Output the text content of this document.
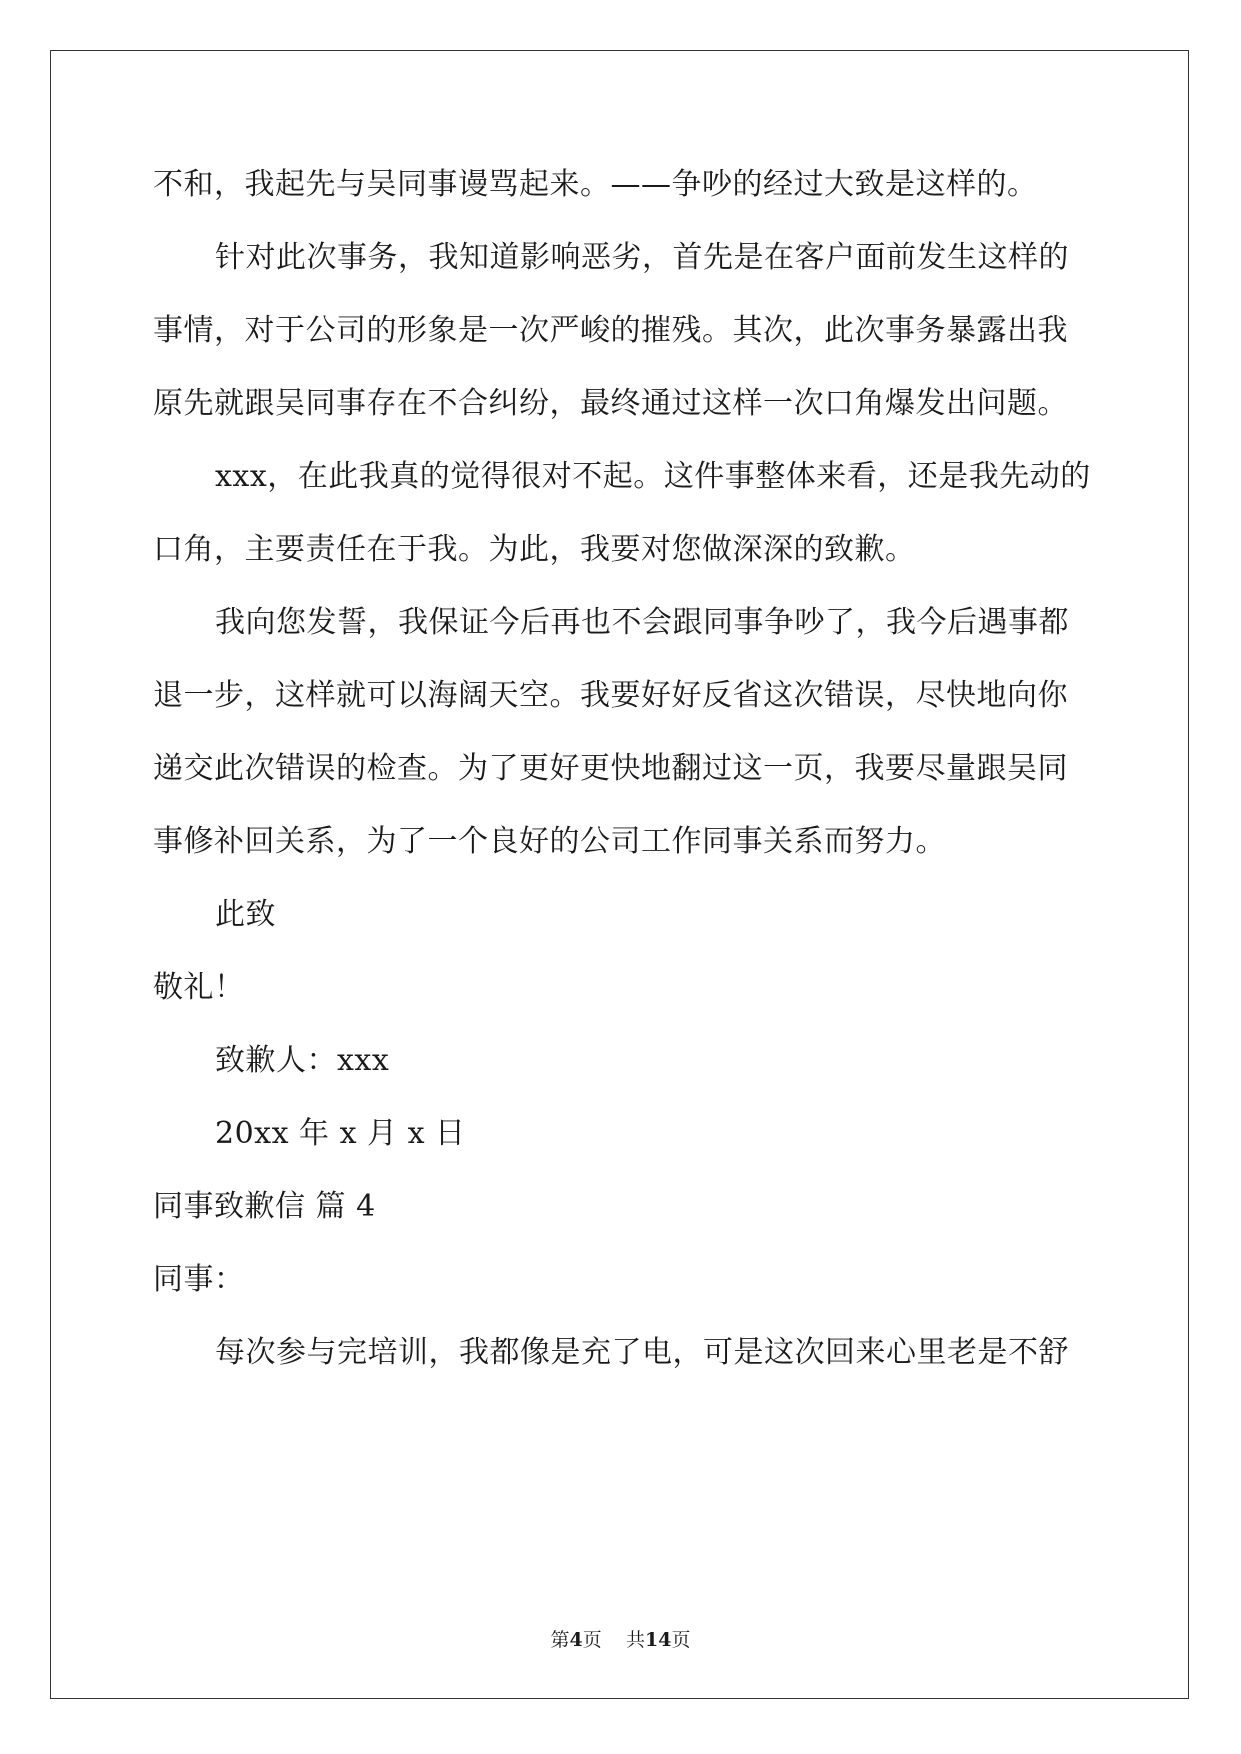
不和，我起先与吴同事谩骂起来。——争吵的经过大致是这样的。
针对此次事务，我知道影响恶劣，首先是在客户面前发生这样的
事情，对于公司的形象是一次严峻的摧残。其次，此次事务暴露出我
原先就跟吴同事存在不合纠纷，最终通过这样一次口角爆发出问题。
xxx，在此我真的觉得很对不起。这件事整体来看，还是我先动的
口角，主要责任在于我。为此，我要对您做深深的致歉。
我向您发誓，我保证今后再也不会跟同事争吵了，我今后遇事都
退一步，这样就可以海阔天空。我要好好反省这次错误，尽快地向你
递交此次错误的检查。为了更好更快地翻过这一页，我要尽量跟吴同
事修补回关系，为了一个良好的公司工作同事关系而努力。
此致
敬礼！
致歉人：xxx
20xx 年 x 月 x 日
同事致歉信 篇 4
同事：
每次参与完培训，我都像是充了电，可是这次回来心里老是不舒
第4页 共14页
